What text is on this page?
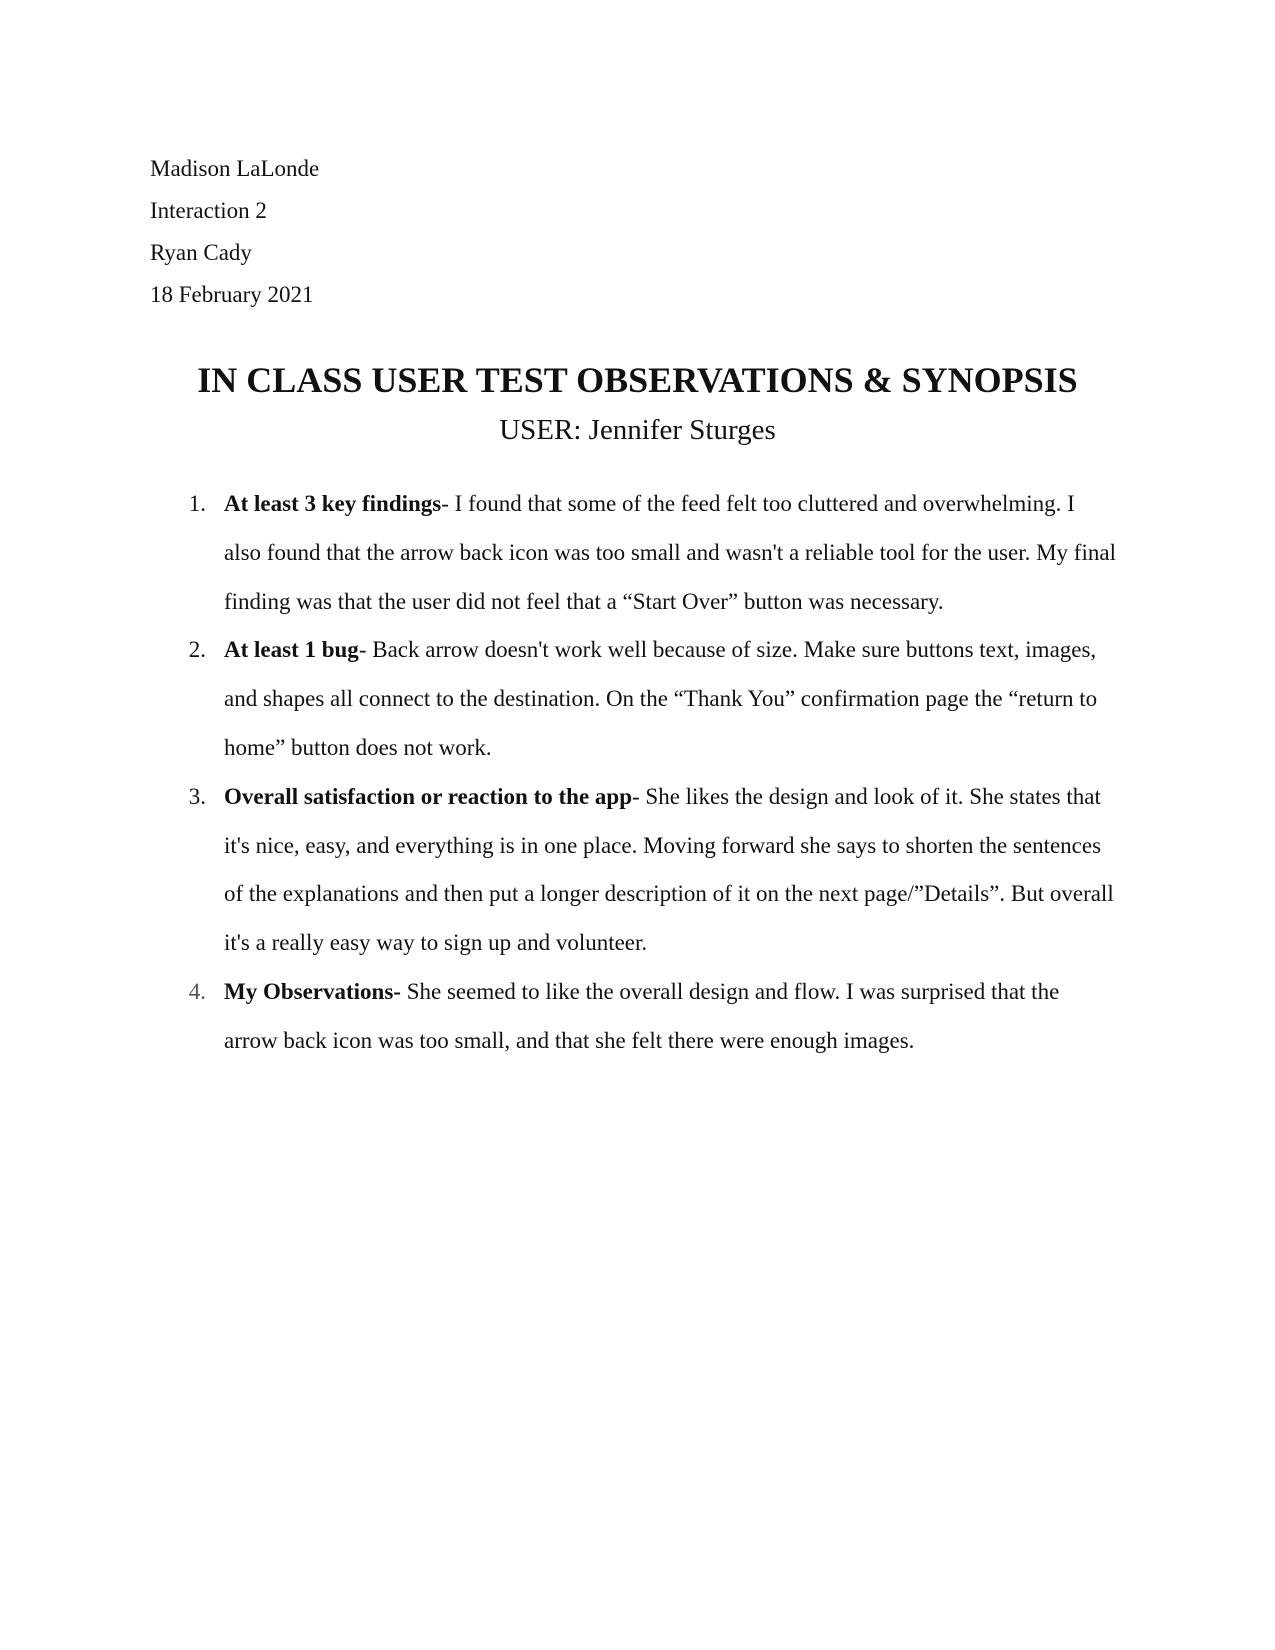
Madison LaLonde
Interaction 2
Ryan Cady
18 February 2021
IN CLASS USER TEST OBSERVATIONS & SYNOPSIS
USER: Jennifer Sturges
1. At least 3 key findings- I found that some of the feed felt too cluttered and overwhelming. I also found that the arrow back icon was too small and wasn't a reliable tool for the user. My final finding was that the user did not feel that a “Start Over” button was necessary.
2. At least 1 bug- Back arrow doesn't work well because of size. Make sure buttons text, images, and shapes all connect to the destination. On the “Thank You” confirmation page the “return to home” button does not work.
3. Overall satisfaction or reaction to the app- She likes the design and look of it. She states that it's nice, easy, and everything is in one place. Moving forward she says to shorten the sentences of the explanations and then put a longer description of it on the next page/”Details”. But overall it's a really easy way to sign up and volunteer.
4. My Observations- She seemed to like the overall design and flow. I was surprised that the arrow back icon was too small, and that she felt there were enough images.
